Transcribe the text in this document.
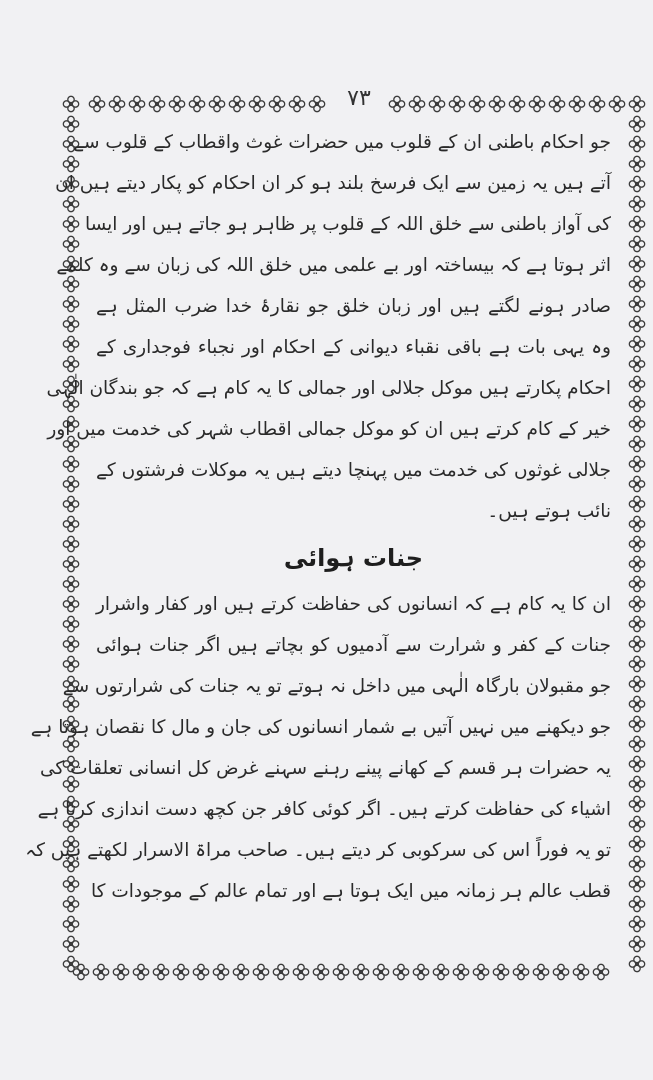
۷۳
جو احکام باطنی ان کے قلوب میں حضرات غوث واقطاب کے قلوب سے
آتے ہیں یہ زمین سے ایک فرسخ بلند ہو کر ان احکام کو پکار دیتے ہیں ان
کی آواز باطنی سے خلق اللہ کے قلوب پر ظاہر ہو جاتے ہیں اور ایسا
اثر ہوتا ہے کہ بیساختہ اور بے علمی میں خلق اللہ کی زبان سے وہ کلمے
صادر ہونے لگتے ہیں اور زبان خلق جو نقارۂ خدا ضرب المثل ہے
وہ یہی بات ہے باقی نقباء دیوانی کے احکام اور نجباء فوجداری کے
احکام پکارتے ہیں موکل جلالی اور جمالی کا یہ کام ہے کہ جو بندگان الٰہی
خیر کے کام کرتے ہیں ان کو موکل جمالی اقطاب شہر کی خدمت میں اور
جلالی غوثوں کی خدمت میں پہنچا دیتے ہیں یہ موکلات فرشتوں کے
نائب ہوتے ہیں۔
جنات ہوائی
ان کا یہ کام ہے کہ انسانوں کی حفاظت کرتے ہیں اور کفار واشرار
جنات کے کفر و شرارت سے آدمیوں کو بچاتے ہیں اگر جنات ہوائی
جو مقبولان بارگاہ الٰہی میں داخل نہ ہوتے تو یہ جنات کی شرارتوں سے
جو دیکھنے میں نہیں آتیں بے شمار انسانوں کی جان و مال کا نقصان ہوتا ہے
یہ حضرات ہر قسم کے کھانے پینے رہنے سہنے غرض کل انسانی تعلقات کی
اشیاء کی حفاظت کرتے ہیں۔ اگر کوئی کافر جن کچھ دست اندازی کرتا ہے
تو یہ فوراً اس کی سرکوبی کر دیتے ہیں۔ صاحب مراۃ الاسرار لکھتے ہیں کہ
قطب عالم ہر زمانہ میں ایک ہوتا ہے اور تمام عالم کے موجودات کا
